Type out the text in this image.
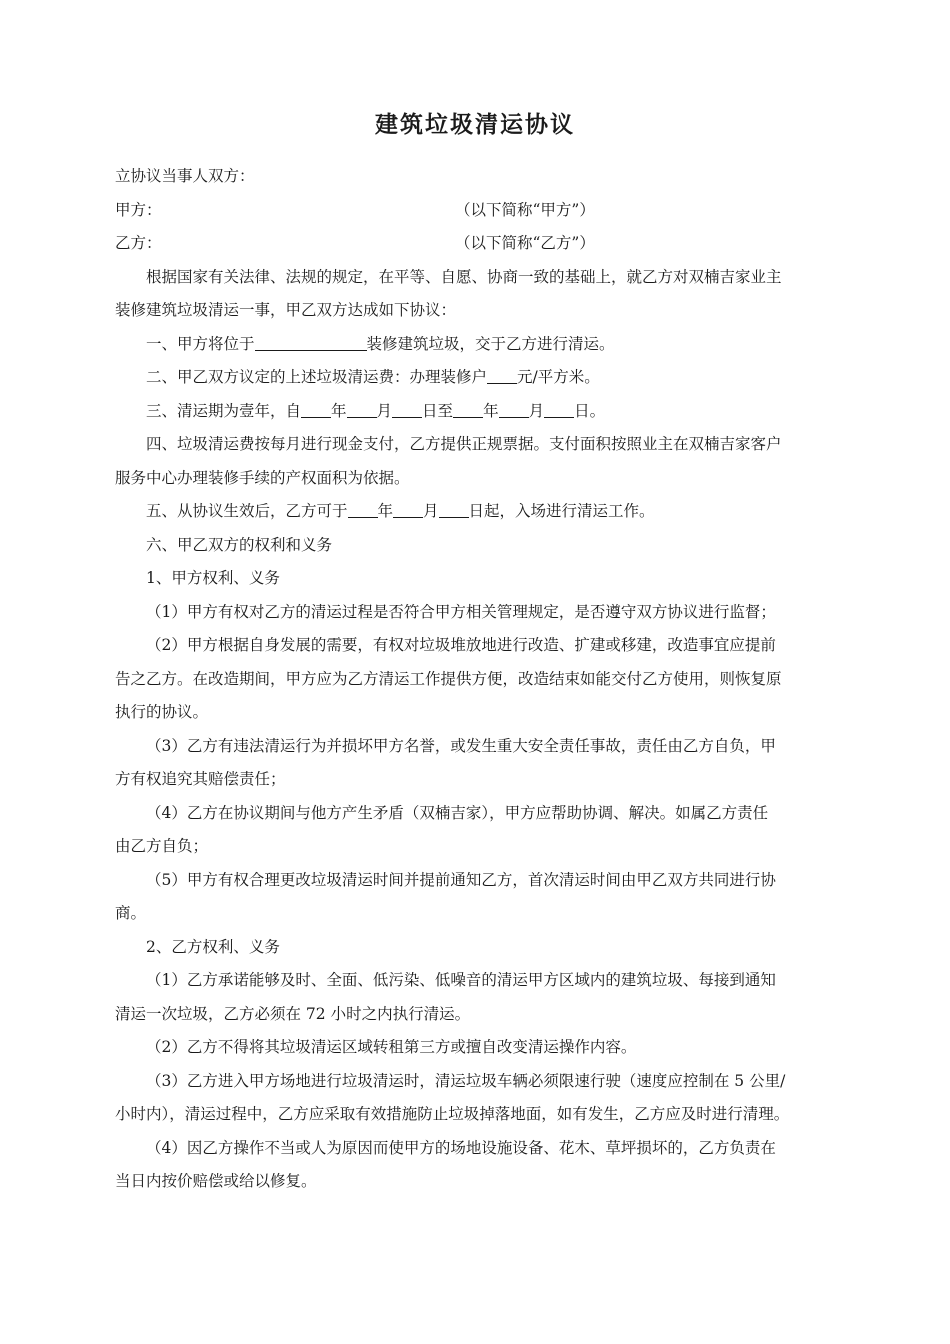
建筑垃圾清运协议
立协议当事人双方：
甲方：	（以下简称“甲方”）
乙方：	（以下简称“乙方”）
根据国家有关法律、法规的规定，在平等、自愿、协商一致的基础上，就乙方对双楠吉家业主
装修建筑垃圾清运一事，甲乙双方达成如下协议：
一、甲方将位于	装修建筑垃圾，交于乙方进行清运。
二、甲乙双方议定的上述垃圾清运费：办理装修户 元/平方米。
三、清运期为壹年，自 年 月 日至 年 月 日。
四、垃圾清运费按每月进行现金支付，乙方提供正规票据。支付面积按照业主在双楠吉家客户
服务中心办理装修手续的产权面积为依据。
五、从协议生效后，乙方可于 年 月 日起，入场进行清运工作。
六、甲乙双方的权利和义务
1、甲方权利、义务
（1）甲方有权对乙方的清运过程是否符合甲方相关管理规定，是否遵守双方协议进行监督；
（2）甲方根据自身发展的需要，有权对垃圾堆放地进行改造、扩建或移建，改造事宜应提前
告之乙方。在改造期间，甲方应为乙方清运工作提供方便，改造结束如能交付乙方使用，则恢复原
执行的协议。
（3）乙方有违法清运行为并损坏甲方名誉，或发生重大安全责任事故，责任由乙方自负，甲
方有权追究其赔偿责任；
（4）乙方在协议期间与他方产生矛盾（双楠吉家），甲方应帮助协调、解决。如属乙方责任
由乙方自负；
（5）甲方有权合理更改垃圾清运时间并提前通知乙方，首次清运时间由甲乙双方共同进行协
商。
2、乙方权利、义务
（1）乙方承诺能够及时、全面、低污染、低噪音的清运甲方区域内的建筑垃圾、每接到通知
清运一次垃圾，乙方必须在 72 小时之内执行清运。
（2）乙方不得将其垃圾清运区域转租第三方或擅自改变清运操作内容。
（3）乙方进入甲方场地进行垃圾清运时，清运垃圾车辆必须限速行驶（速度应控制在 5 公里/
小时内），清运过程中，乙方应采取有效措施防止垃圾掉落地面，如有发生，乙方应及时进行清理。
（4）因乙方操作不当或人为原因而使甲方的场地设施设备、花木、草坪损坏的，乙方负责在
当日内按价赔偿或给以修复。
